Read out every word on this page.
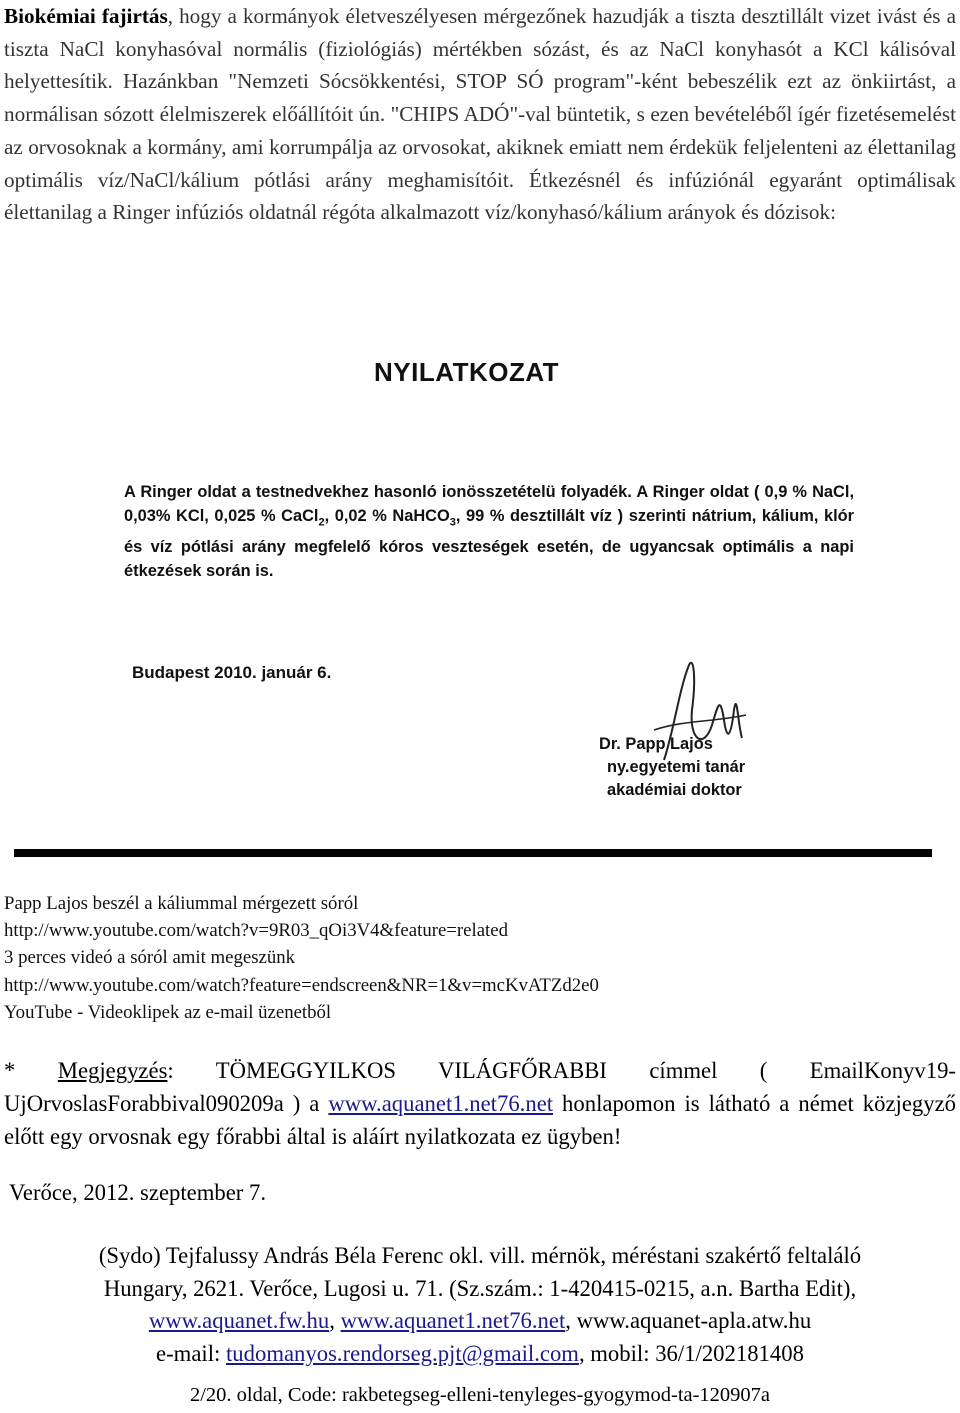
Biokémiai fajirtás, hogy a kormányok életveszélyesen mérgezőnek hazudják a tiszta desztillált vizet ivást és a tiszta NaCl konyhasóval normális (fiziológiás) mértékben sózást, és az NaCl konyhasót a KCl kálisóval helyettesítik. Hazánkban "Nemzeti Sócsökkentési, STOP SÓ program"-ként bebeszélik ezt az önkiirtást, a normálisan sózott élelmiszerek előállítóit ún. "CHIPS ADÓ"-val büntetik, s ezen bevételéből ígér fizetésemelést az orvosoknak a kormány, ami korrumpálja az orvosokat, akiknek emiatt nem érdekük feljelenteni az élettanilag optimális víz/NaCl/kálium pótlási arány meghamisítóit. Étkezésnél és infúziónál egyaránt optimálisak élettanilag a Ringer infúziós oldatnál régóta alkalmazott víz/konyhasó/kálium arányok és dózisok:
NYILATKOZAT
A Ringer oldat a testnedvekhez hasonló ionösszetételü folyadék. A Ringer oldat ( 0,9 % NaCl, 0,03% KCl, 0,025 % CaCl$_2$, 0,02 % NaHCO$_3$, 99 % desztillált víz ) szerinti nátrium, kálium, klór és víz pótlási arány megfelelő kóros veszteségek esetén, de ugyancsak optimális a napi étkezések során is.
Budapest 2010. január 6.
Dr. Papp Lajos
ny.egyetemi tanár
akadémiai doktor
Papp Lajos beszél a káliummal mérgezett sóról
http://www.youtube.com/watch?v=9R03_qOi3V4&feature=related
3 perces videó a sóról amit megeszünk
http://www.youtube.com/watch?feature=endscreen&NR=1&v=mcKvATZd2e0
YouTube - Videoklipek az e-mail üzenetből
* Megjegyzés: TÖMEGGYILKOS VILÁGFŐRABBI címmel ( EmailKonyv19-UjOrvoslasForabbival090209a ) a www.aquanet1.net76.net honlapomon is látható a német közjegyző előtt egy orvosnak egy főrabbi által is aláírt nyilatkozata ez ügyben!
Verőce, 2012. szeptember 7.
(Sydo) Tejfalussy András Béla Ferenc okl. vill. mérnök, méréstani szakértő feltaláló
Hungary, 2621. Verőce, Lugosi u. 71. (Sz.szám.: 1-420415-0215, a.n. Bartha Edit),
www.aquanet.fw.hu, www.aquanet1.net76.net, www.aquanet-apla.atw.hu
e-mail: tudomanyos.rendorseg.pjt@gmail.com, mobil: 36/1/202181408
2/20. oldal, Code: rakbetegseg-elleni-tenyleges-gyogymod-ta-120907a
